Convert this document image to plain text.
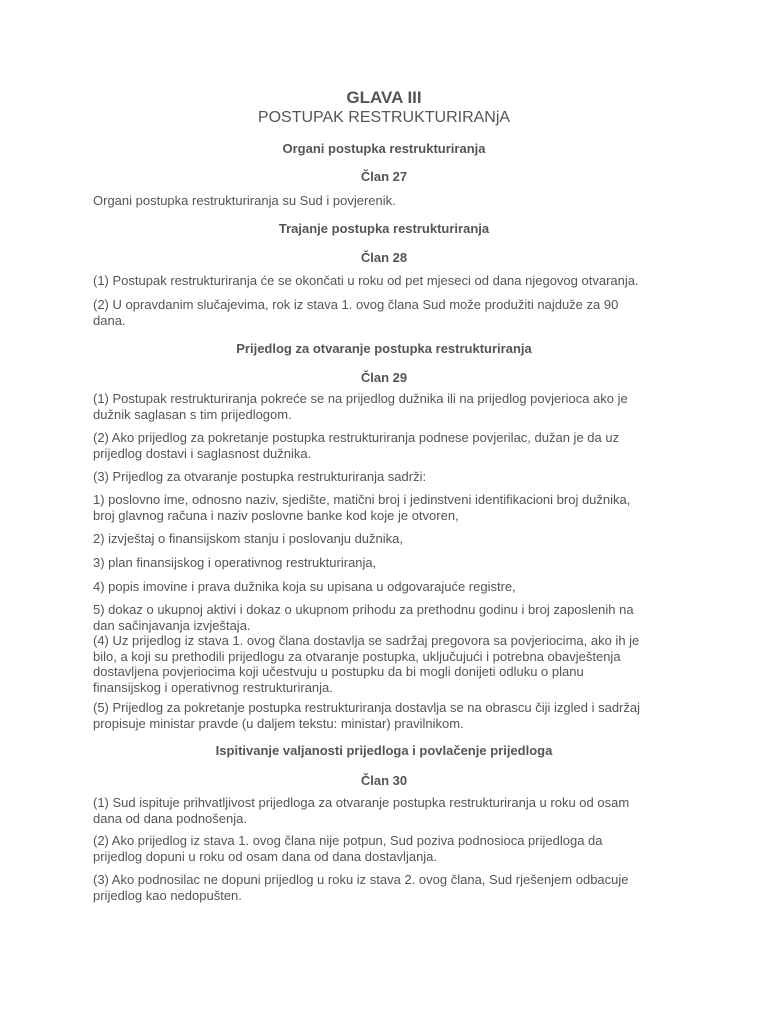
GLAVA III
POSTUPAK RESTRUKTURIRANjA
Organi postupka restrukturiranja
Član 27
Organi postupka restrukturiranja su Sud i povjerenik.
Trajanje postupka restrukturiranja
Član 28
(1) Postupak restrukturiranja će se okončati u roku od pet mjeseci od dana njegovog otvaranja.
(2) U opravdanim slučajevima, rok iz stava 1. ovog člana Sud može produžiti najduže za 90
dana.
Prijedlog za otvaranje postupka restrukturiranja
Član 29
(1) Postupak restrukturiranja pokreće se na prijedlog dužnika ili na prijedlog povjerioca ako je
dužnik saglasan s tim prijedlogom.
(2) Ako prijedlog za pokretanje postupka restrukturiranja podnese povjerilac, dužan je da uz
prijedlog dostavi i saglasnost dužnika.
(3) Prijedlog za otvaranje postupka restrukturiranja sadrži:
1) poslovno ime, odnosno naziv, sjedište, matični broj i jedinstveni identifikacioni broj dužnika,
broj glavnog računa i naziv poslovne banke kod koje je otvoren,
2) izvještaj o finansijskom stanju i poslovanju dužnika,
3) plan finansijskog i operativnog restrukturiranja,
4) popis imovine i prava dužnika koja su upisana u odgovarajuće registre,
5) dokaz o ukupnoj aktivi i dokaz o ukupnom prihodu za prethodnu godinu i broj zaposlenih na
dan sačinjavanja izvještaja.
(4) Uz prijedlog iz stava 1. ovog člana dostavlja se sadržaj pregovora sa povjeriocima, ako ih je
bilo, a koji su prethodili prijedlogu za otvaranje postupka, uključujući i potrebna obavještenja
dostavljena povjeriocima koji učestvuju u postupku da bi mogli donijeti odluku o planu
finansijskog i operativnog restrukturiranja.
(5) Prijedlog za pokretanje postupka restrukturiranja dostavlja se na obrascu čiji izgled i sadržaj
propisuje ministar pravde (u daljem tekstu: ministar) pravilnikom.
Ispitivanje valjanosti prijedloga i povlačenje prijedloga
Član 30
(1) Sud ispituje prihvatljivost prijedloga za otvaranje postupka restrukturiranja u roku od osam
dana od dana podnošenja.
(2) Ako prijedlog iz stava 1. ovog člana nije potpun, Sud poziva podnosioca prijedloga da
prijedlog dopuni u roku od osam dana od dana dostavljanja.
(3) Ako podnosilac ne dopuni prijedlog u roku iz stava 2. ovog člana, Sud rješenjem odbacuje
prijedlog kao nedopušten.
